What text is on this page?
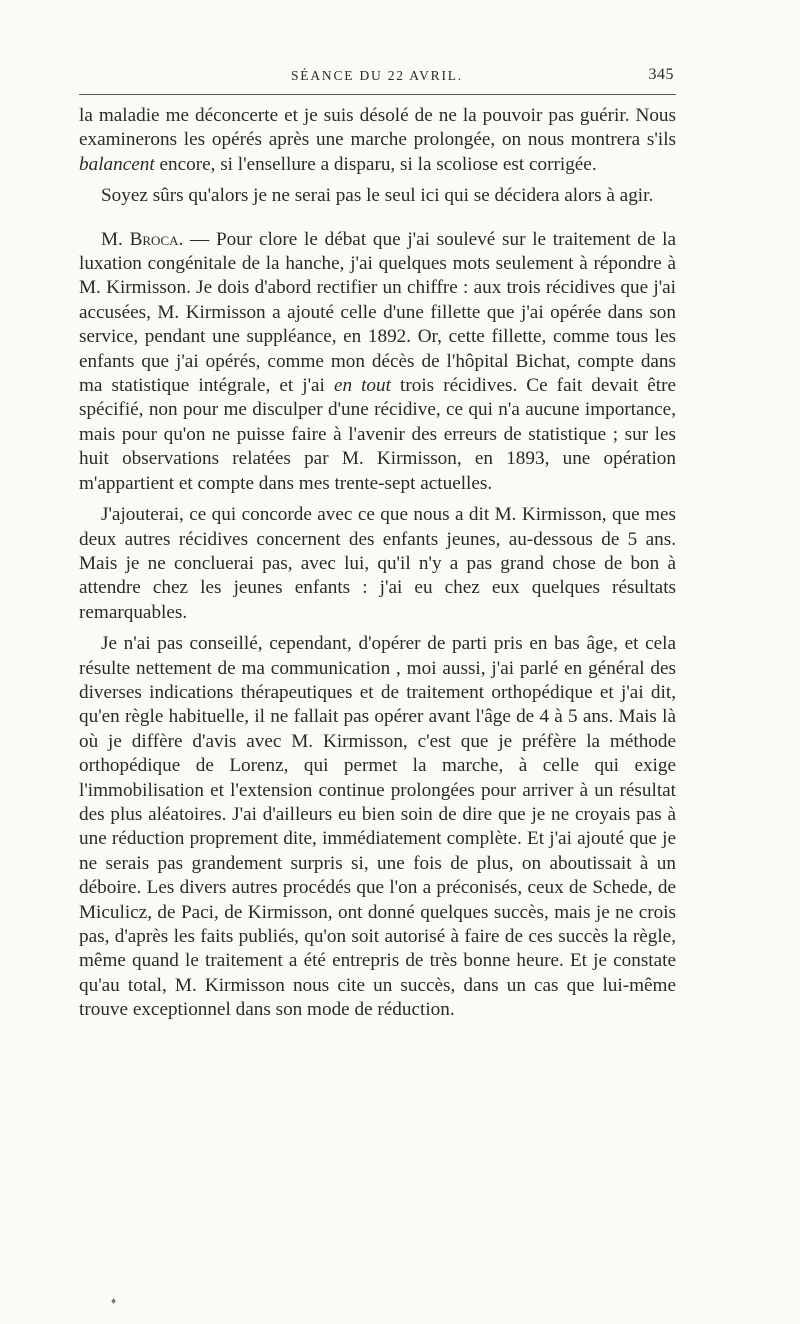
SÉANCE DU 22 AVRIL.	345

la maladie me déconcerte et je suis désolé de ne la pouvoir pas guérir. Nous examinerons les opérés après une marche prolongée, on nous montrera s'ils balancent encore, si l'ensellure a disparu, si la scoliose est corrigée.

Soyez sûrs qu'alors je ne serai pas le seul ici qui se décidera alors à agir.

M. Broca. — Pour clore le débat que j'ai soulevé sur le traitement de la luxation congénitale de la hanche, j'ai quelques mots seulement à répondre à M. Kirmisson. Je dois d'abord rectifier un chiffre : aux trois récidives que j'ai accusées, M. Kirmisson a ajouté celle d'une fillette que j'ai opérée dans son service, pendant une suppléance, en 1892. Or, cette fillette, comme tous les enfants que j'ai opérés, comme mon décès de l'hôpital Bichat, compte dans ma statistique intégrale, et j'ai en tout trois récidives. Ce fait devait être spécifié, non pour me disculper d'une récidive, ce qui n'a aucune importance, mais pour qu'on ne puisse faire à l'avenir des erreurs de statistique ; sur les huit observations relatées par M. Kirmisson, en 1893, une opération m'appartient et compte dans mes trente-sept actuelles.

J'ajouterai, ce qui concorde avec ce que nous a dit M. Kirmisson, que mes deux autres récidives concernent des enfants jeunes, au-dessous de 5 ans. Mais je ne concluerai pas, avec lui, qu'il n'y a pas grand chose de bon à attendre chez les jeunes enfants : j'ai eu chez eux quelques résultats remarquables.

Je n'ai pas conseillé, cependant, d'opérer de parti pris en bas âge, et cela résulte nettement de ma communication , moi aussi, j'ai parlé en général des diverses indications thérapeutiques et de traitement orthopédique et j'ai dit, qu'en règle habituelle, il ne fallait pas opérer avant l'âge de 4 à 5 ans. Mais là où je diffère d'avis avec M. Kirmisson, c'est que je préfère la méthode orthopédique de Lorenz, qui permet la marche, à celle qui exige l'immobilisation et l'extension continue prolongées pour arriver à un résultat des plus aléatoires. J'ai d'ailleurs eu bien soin de dire que je ne croyais pas à une réduction proprement dite, immédiatement complète. Et j'ai ajouté que je ne serais pas grandement surpris si, une fois de plus, on aboutissait à un déboire. Les divers autres procédés que l'on a préconisés, ceux de Schede, de Miculicz, de Paci, de Kirmisson, ont donné quelques succès, mais je ne crois pas, d'après les faits publiés, qu'on soit autorisé à faire de ces succès la règle, même quand le traitement a été entrepris de très bonne heure. Et je constate qu'au total, M. Kirmisson nous cite un succès, dans un cas que lui-même trouve exceptionnel dans son mode de réduction.

♦
